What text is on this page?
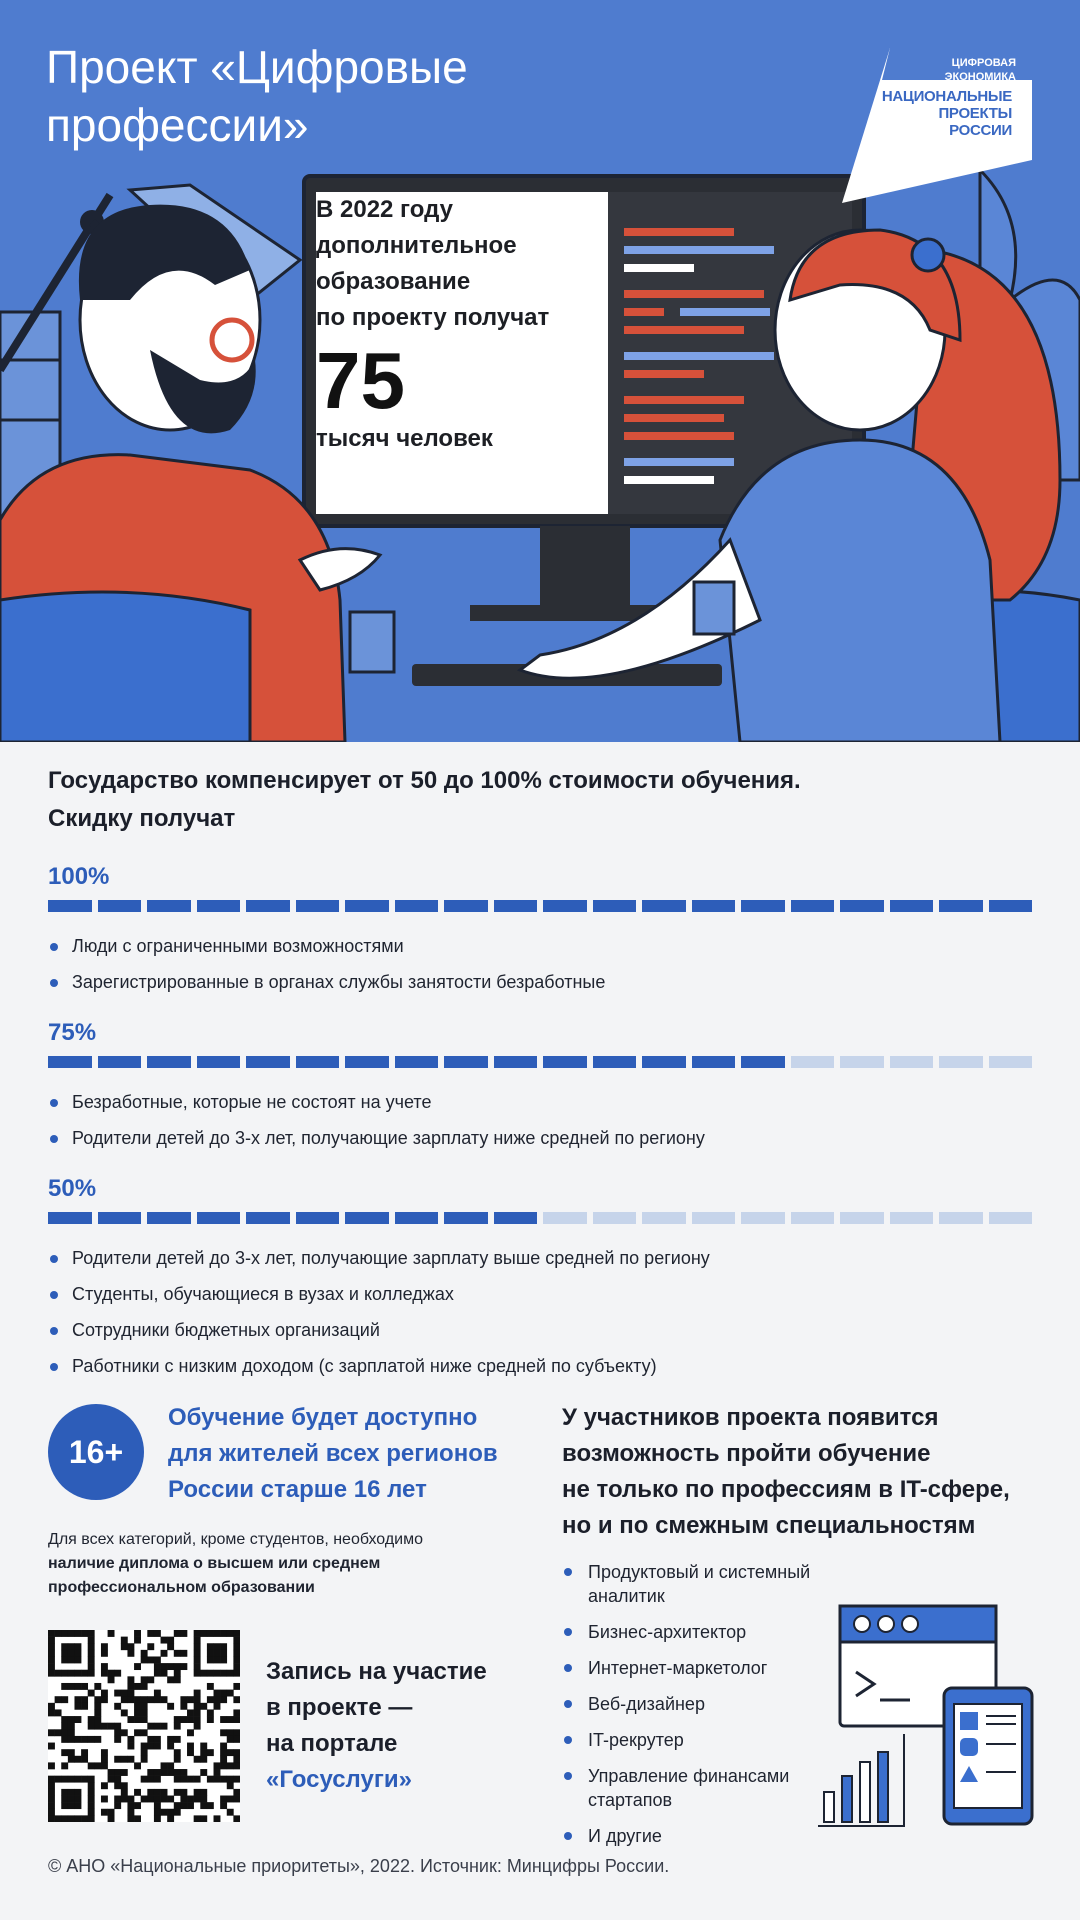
Проект «Цифровые
профессии»
ЦИФРОВАЯ
ЭКОНОМИКА
НАЦИОНАЛЬНЫЕ
ПРОЕКТЫ
РОССИИ
В 2022 году
дополнительное
образование
по проекту получат
75
тысяч человек
Государство компенсирует от 50 до 100% стоимости обучения.
Скидку получат
100%
Люди с ограниченными возможностями
Зарегистрированные в органах службы занятости безработные
75%
Безработные, которые не состоят на учете
Родители детей до 3-х лет, получающие зарплату ниже средней по региону
50%
Родители детей до 3-х лет, получающие зарплату выше средней по региону
Студенты, обучающиеся в вузах и колледжах
Сотрудники бюджетных организаций
Работники с низким доходом (с зарплатой ниже средней по субъекту)
16+
Обучение будет доступно
для жителей всех регионов
России старше 16 лет
Для всех категорий, кроме студентов, необходимо
наличие диплома о высшем или среднем
профессиональном образовании
Запись на участие
в проекте —
на портале
«Госуслуги»
У участников проекта появится
возможность пройти обучение
не только по профессиям в IT-сфере,
но и по смежным специальностям
Продуктовый и системный аналитик
Бизнес-архитектор
Интернет-маркетолог
Веб-дизайнер
IT-рекрутер
Управление финансами стартапов
И другие
© АНО «Национальные приоритеты», 2022. Источник: Минцифры России.
